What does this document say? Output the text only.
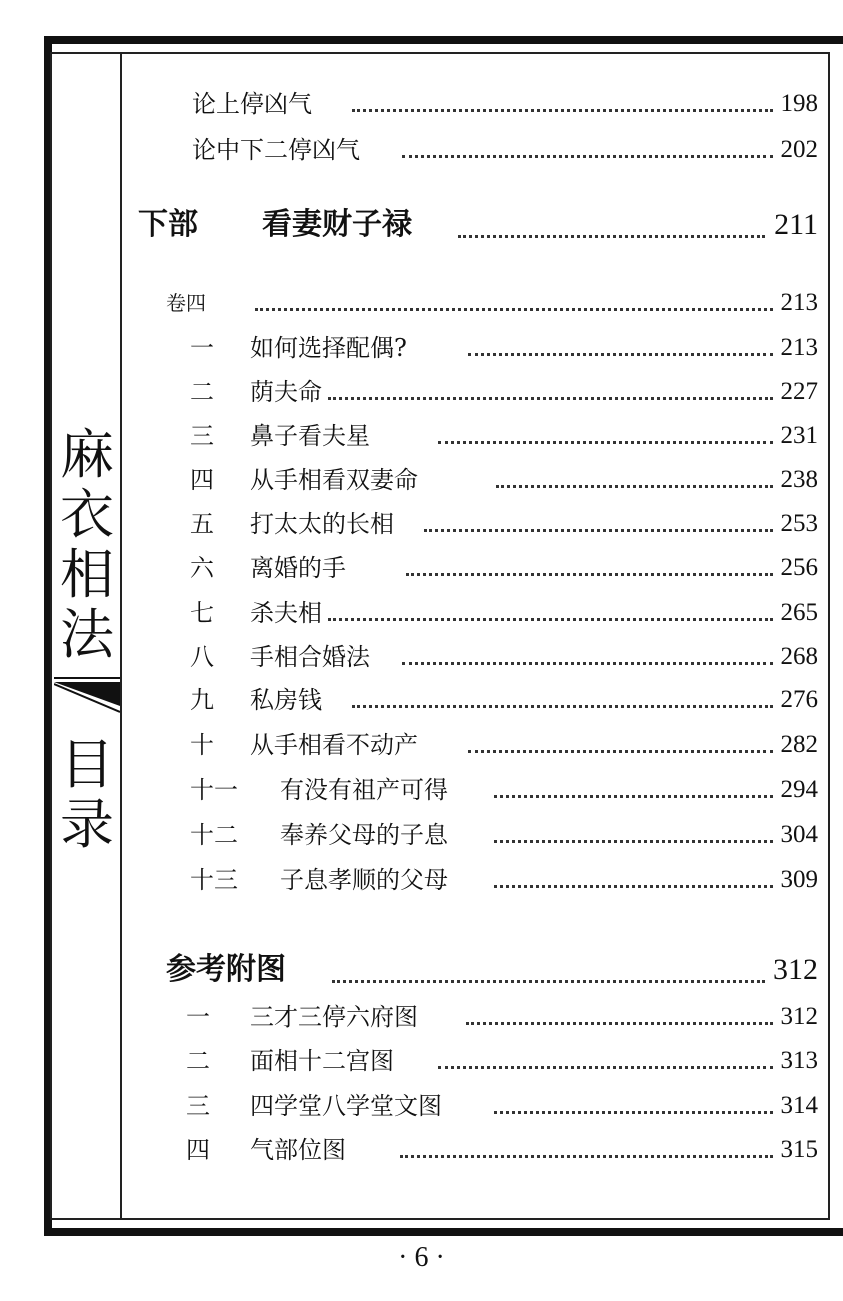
麻
衣
相
法
目
录
论上停凶气	198
论中下二停凶气	202
下部 看妻财子禄	211
卷四	213
一 如何选择配偶?	213
二 荫夫命	227
三 鼻子看夫星	231
四 从手相看双妻命	238
五 打太太的长相	253
六 离婚的手	256
七 杀夫相	265
八 手相合婚法	268
九 私房钱	276
十 从手相看不动产	282
十一 有没有祖产可得	294
十二 奉养父母的子息	304
十三 子息孝顺的父母	309
参考附图	312
一 三才三停六府图	312
二 面相十二宫图	313
三 四学堂八学堂文图	314
四 气部位图	315
· 6 ·
